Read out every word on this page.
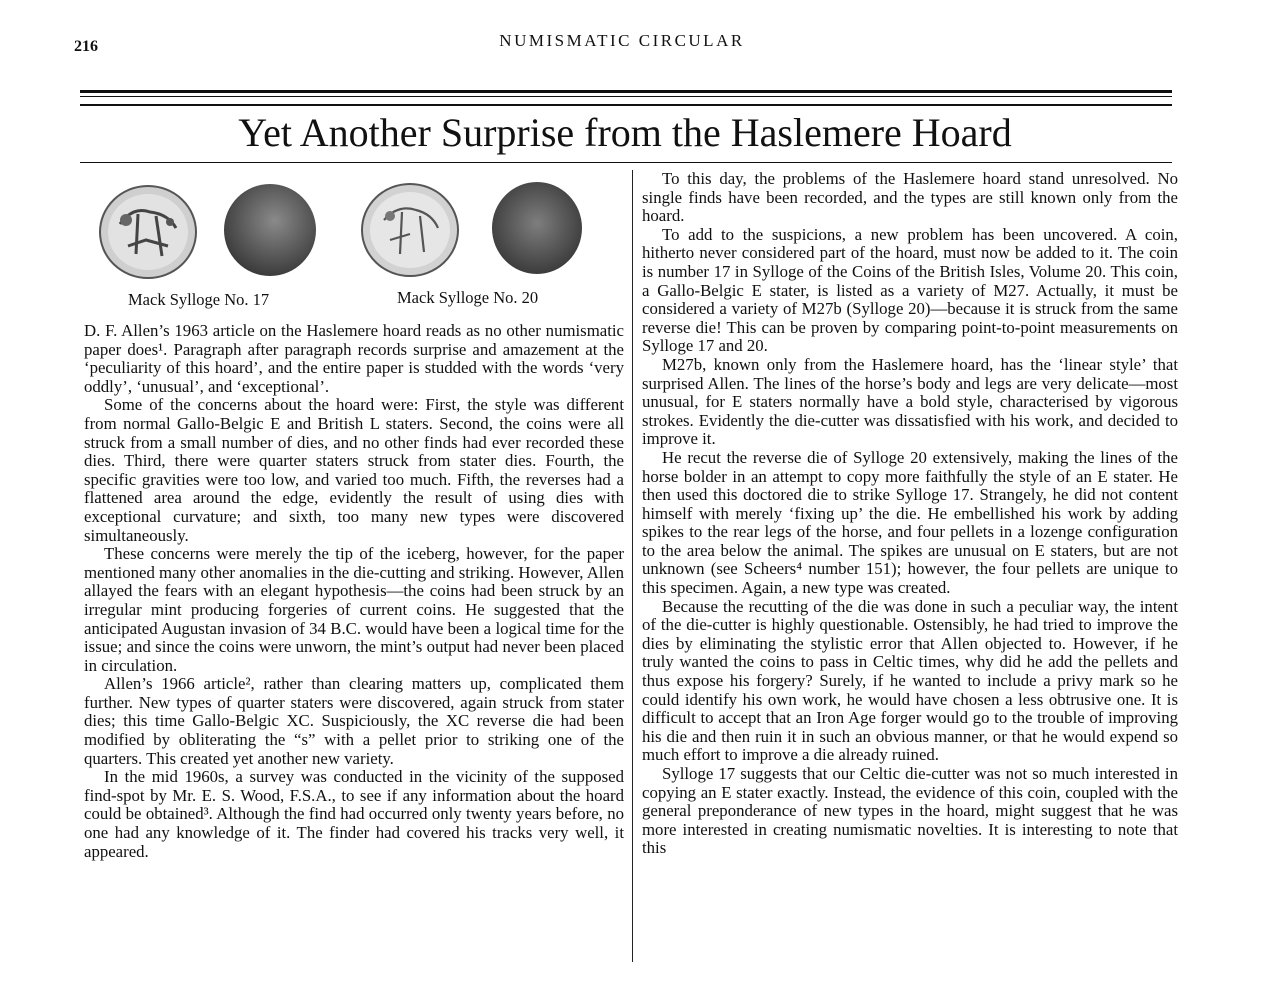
216	NUMISMATIC CIRCULAR
Yet Another Surprise from the Haslemere Hoard
Mack Sylloge No. 17	Mack Sylloge No. 20

D. F. Allen’s 1963 article on the Haslemere hoard reads as no other numismatic paper does¹. Paragraph after paragraph records surprise and amazement at the ‘peculiarity of this hoard’, and the entire paper is studded with the words ‘very oddly’, ‘unusual’, and ‘exceptional’.

Some of the concerns about the hoard were: First, the style was different from normal Gallo-Belgic E and British L staters. Second, the coins were all struck from a small number of dies, and no other finds had ever recorded these dies. Third, there were quarter staters struck from stater dies. Fourth, the specific gravities were too low, and varied too much. Fifth, the reverses had a flattened area around the edge, evidently the result of using dies with exceptional curvature; and sixth, too many new types were discovered simultaneously.

These concerns were merely the tip of the iceberg, however, for the paper mentioned many other anomalies in the die-cutting and striking. However, Allen allayed the fears with an elegant hypothesis—the coins had been struck by an irregular mint producing forgeries of current coins. He suggested that the anticipated Augustan invasion of 34 B.C. would have been a logical time for the issue; and since the coins were unworn, the mint’s output had never been placed in circulation.

Allen’s 1966 article², rather than clearing matters up, complicated them further. New types of quarter staters were discovered, again struck from stater dies; this time Gallo-Belgic XC. Suspiciously, the XC reverse die had been modified by obliterating the “s” with a pellet prior to striking one of the quarters. This created yet another new variety.

In the mid 1960s, a survey was conducted in the vicinity of the supposed find-spot by Mr. E. S. Wood, F.S.A., to see if any information about the hoard could be obtained³. Although the find had occurred only twenty years before, no one had any knowledge of it. The finder had covered his tracks very well, it appeared.

To this day, the problems of the Haslemere hoard stand unresolved. No single finds have been recorded, and the types are still known only from the hoard.

To add to the suspicions, a new problem has been uncovered. A coin, hitherto never considered part of the hoard, must now be added to it. The coin is number 17 in Sylloge of the Coins of the British Isles, Volume 20. This coin, a Gallo-Belgic E stater, is listed as a variety of M27. Actually, it must be considered a variety of M27b (Sylloge 20)—because it is struck from the same reverse die! This can be proven by comparing point-to-point measurements on Sylloge 17 and 20.

M27b, known only from the Haslemere hoard, has the ‘linear style’ that surprised Allen. The lines of the horse’s body and legs are very delicate—most unusual, for E staters normally have a bold style, characterised by vigorous strokes. Evidently the die-cutter was dissatisfied with his work, and decided to improve it.

He recut the reverse die of Sylloge 20 extensively, making the lines of the horse bolder in an attempt to copy more faithfully the style of an E stater. He then used this doctored die to strike Sylloge 17. Strangely, he did not content himself with merely ‘fixing up’ the die. He embellished his work by adding spikes to the rear legs of the horse, and four pellets in a lozenge configuration to the area below the animal. The spikes are unusual on E staters, but are not unknown (see Scheers⁴ number 151); however, the four pellets are unique to this specimen. Again, a new type was created.

Because the recutting of the die was done in such a peculiar way, the intent of the die-cutter is highly questionable. Ostensibly, he had tried to improve the dies by eliminating the stylistic error that Allen objected to. However, if he truly wanted the coins to pass in Celtic times, why did he add the pellets and thus expose his forgery? Surely, if he wanted to include a privy mark so he could identify his own work, he would have chosen a less obtrusive one. It is difficult to accept that an Iron Age forger would go to the trouble of improving his die and then ruin it in such an obvious manner, or that he would expend so much effort to improve a die already ruined.

Sylloge 17 suggests that our Celtic die-cutter was not so much interested in copying an E stater exactly. Instead, the evidence of this coin, coupled with the general preponderance of new types in the hoard, might suggest that he was more interested in creating numismatic novelties. It is interesting to note that this
